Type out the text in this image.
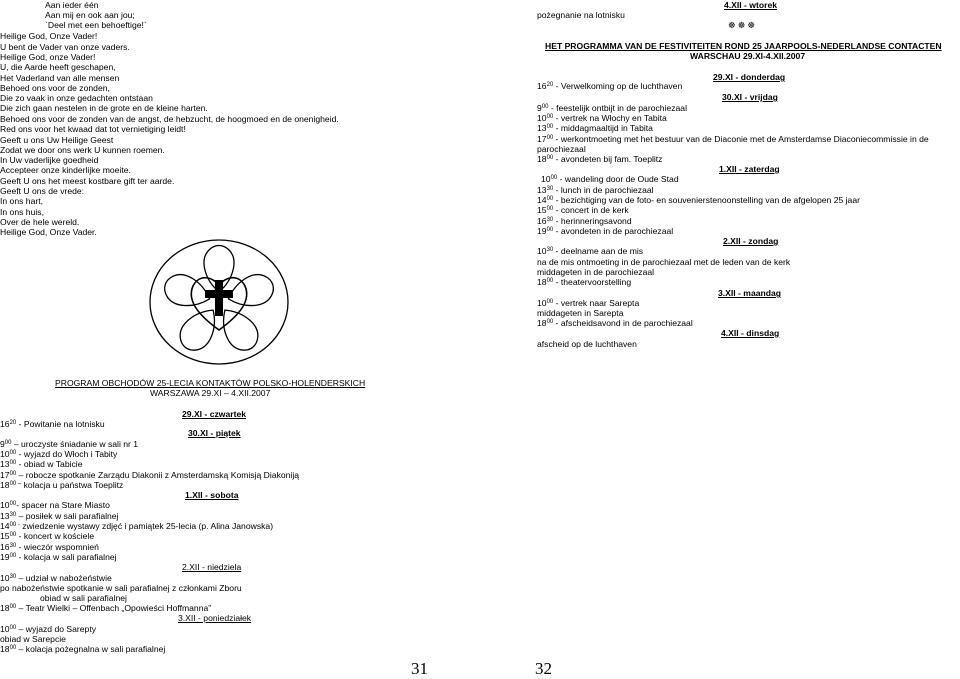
Aan ieder één
Aan mij en ook aan jou;
`Deel met een behoeftige!`
Heilige God, Onze Vader!
U bent de Vader van onze vaders.
Heilige God, onze Vader!
U, die Aarde heeft geschapen,
Het Vaderland van alle mensen
Behoed ons voor de zonden,
Die zo vaak in onze gedachten ontstaan
Die zich gaan nestelen in de grote en de kleine harten.
Behoed ons voor de zonden van de angst, de hebzucht, de hoogmoed en de onenigheid.
Red ons voor het kwaad dat tot vernietiging leidt!
Geeft u ons Uw Heilige Geest
Zodat we door ons werk U kunnen roemen.
In Uw vaderlijke goedheid
Accepteer onze kinderlijke moeite.
Geeft U ons het meest kostbare gift ter aarde.
Geeft U ons de vrede:
In ons hart,
In ons huis,
Over de hele wereld.
Heilige God, Onze Vader.
PROGRAM OBCHODÓW 25-LECIA KONTAKTÓW POLSKO-HOLENDERSKICH
WARSZAWA 29.XI – 4.XII.2007
29.XI - czwartek
$16^{20}$ - Powitanie na lotnisku
30.XI - piątek
$9^{00}$ – uroczyste śniadanie w sali nr 1
$10^{00}$ - wyjazd do Włoch i Tabity
$13^{00}$ - obiad w Tabicie
$17^{00}$ – robocze spotkanie Zarządu Diakonii z Amsterdamską Komisją Diakoniją
$18^{00 -}$ kolacja u państwa Toeplitz
1.XII - sobota
$10^{00}-$ spacer na Stare Miasto
$13^{30}$ – posiłek w sali parafialnej
$14^{00 -}$ zwiedzenie wystawy zdjęć i pamiątek 25-lecia (p. Alina Janowska)
$15^{00}$ - koncert w kościele
$16^{30}$ - wieczór wspomnień
$19^{00}$ - kolacja w sali parafialnej
2.XII - niedziela
$10^{30}$ – udział w nabożeństwie
po nabożeństwie spotkanie w sali parafialnej z członkami Zboru
obiad w sali parafialnej
$18^{00}$ – Teatr Wielki – Offenbach „Opowieści Hoffmanna”
3.XII - poniedziałek
$10^{00}$ – wyjazd do Sarepty
obiad w Sarepcie
$18^{00}$ – kolacja pożegnalna w sali parafialnej
31
4.XII - wtorek
pożegnanie na lotnisku
☸☸☸
HET PROGRAMMA VAN DE FESTIVITEITEN ROND 25 JAARPOOLS-NEDERLANDSE CONTACTEN
WARSCHAU 29.XI-4.XII.2007
29.XI - donderdag
$16^{20}$ - Verwelkoming op de luchthaven
30.XI - vrijdag
$9^{00}$ - feestelijk ontbijt in de parochiezaal
$10^{00}$ - vertrek na Włochy en Tabita
$13^{00}$ - middagmaaltijd in Tabita
$17^{00}$ - werkontmoeting met het bestuur van de Diaconie met de Amsterdamse Diaconiecommissie in de
parochiezaal
$18^{00}$ - avondeten bij fam. Toeplitz
1.XII - zaterdag
$10^{00}$ - wandeling door de Oude Stad
$13^{30}$ - lunch in de parochiezaal
$14^{00}$ - bezichtiging van de foto- en souvenierstenoonstelling van de afgelopen 25 jaar
$15^{00}$ - concert in de kerk
$16^{30}$ - herinneringsavond
$19^{00}$ - avondeten in de parochiezaal
2.XII - zondag
$10^{30}$ - deelname aan de mis
na de mis ontmoeting in de parochiezaal met de leden van de kerk
middageten in de parochiezaal
$18^{00}$ - theatervoorstelling
3.XII - maandag
$10^{00}$ - vertrek naar Sarepta
middageten in Sarepta
$18^{00}$ - afscheidsavond in de parochiezaal
4.XII - dinsdag
afscheid op de luchthaven
32
